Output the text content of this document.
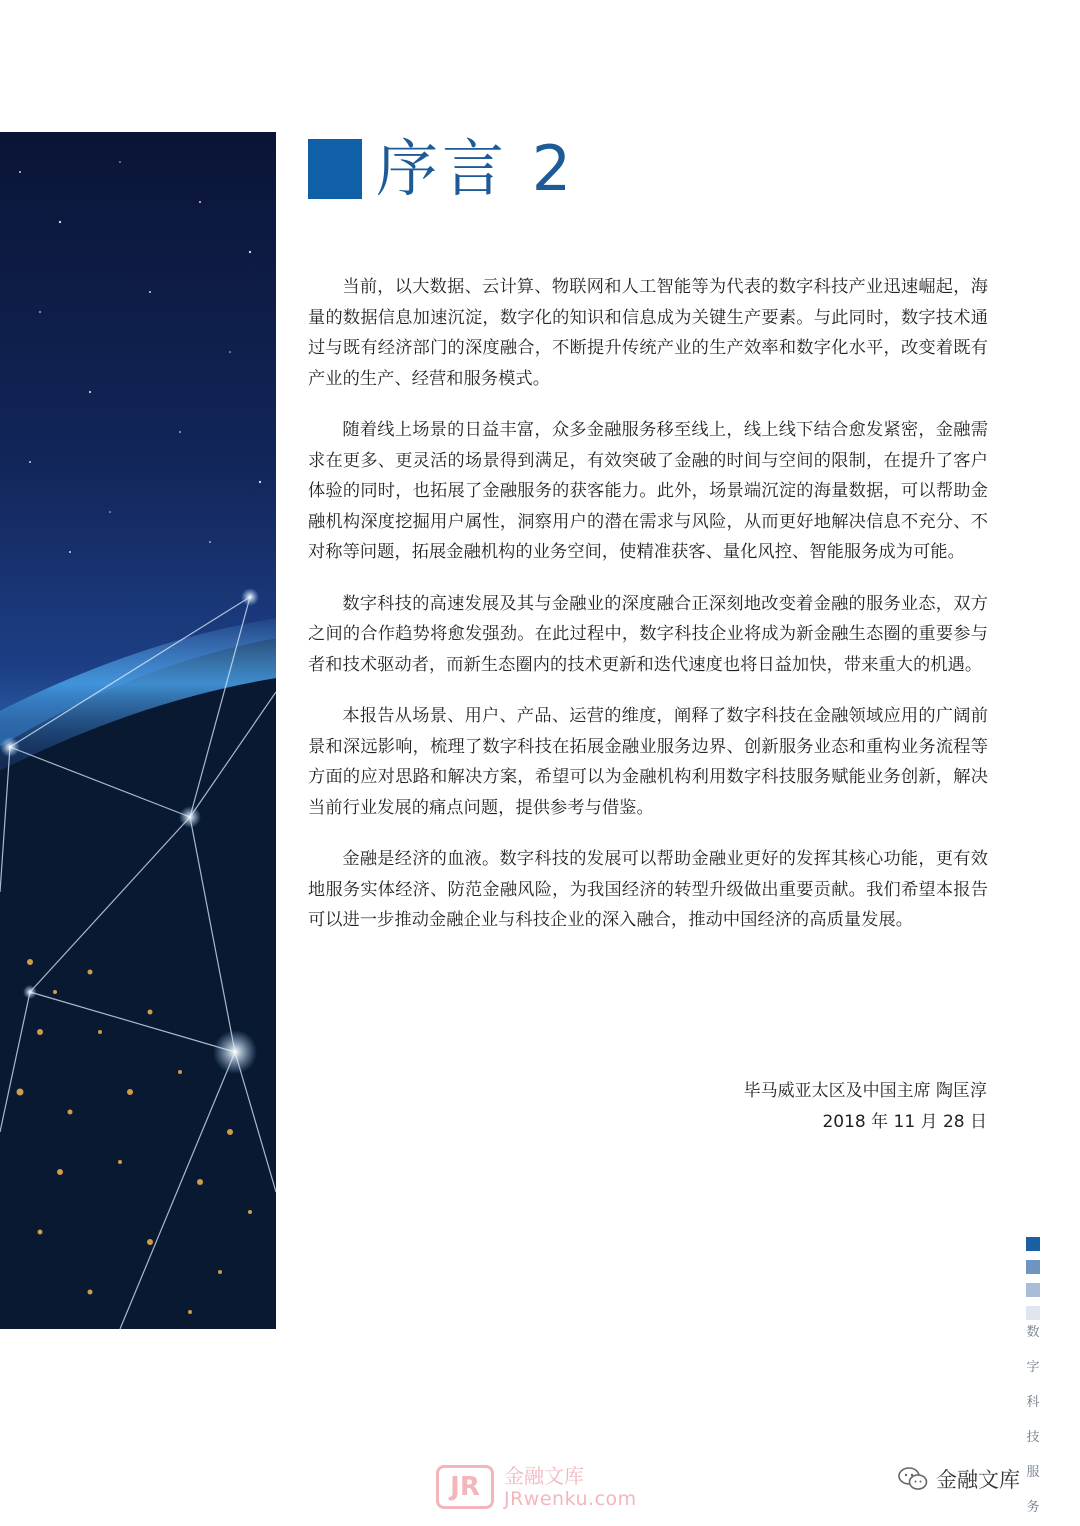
序言 2

当前，以大数据、云计算、物联网和人工智能等为代表的数字科技产业迅速崛起，海量的数据信息加速沉淀，数字化的知识和信息成为关键生产要素。与此同时，数字技术通过与既有经济部门的深度融合，不断提升传统产业的生产效率和数字化水平，改变着既有产业的生产、经营和服务模式。

随着线上场景的日益丰富，众多金融服务移至线上，线上线下结合愈发紧密，金融需求在更多、更灵活的场景得到满足，有效突破了金融的时间与空间的限制，在提升了客户体验的同时，也拓展了金融服务的获客能力。此外，场景端沉淀的海量数据，可以帮助金融机构深度挖掘用户属性，洞察用户的潜在需求与风险，从而更好地解决信息不充分、不对称等问题，拓展金融机构的业务空间，使精准获客、量化风控、智能服务成为可能。

数字科技的高速发展及其与金融业的深度融合正深刻地改变着金融的服务业态，双方之间的合作趋势将愈发强劲。在此过程中，数字科技企业将成为新金融生态圈的重要参与者和技术驱动者，而新生态圈内的技术更新和迭代速度也将日益加快，带来重大的机遇。

本报告从场景、用户、产品、运营的维度，阐释了数字科技在金融领域应用的广阔前景和深远影响，梳理了数字科技在拓展金融业服务边界、创新服务业态和重构业务流程等方面的应对思路和解决方案，希望可以为金融机构利用数字科技服务赋能业务创新，解决当前行业发展的痛点问题，提供参考与借鉴。

金融是经济的血液。数字科技的发展可以帮助金融业更好的发挥其核心功能，更有效地服务实体经济、防范金融风险，为我国经济的转型升级做出重要贡献。我们希望本报告可以进一步推动金融企业与科技企业的深入融合，推动中国经济的高质量发展。

毕马威亚太区及中国主席 陶匡淳
2018 年 11 月 28 日
数
字
科
技
服
务
JR	金融文库
JRwenku.com
金融文库
